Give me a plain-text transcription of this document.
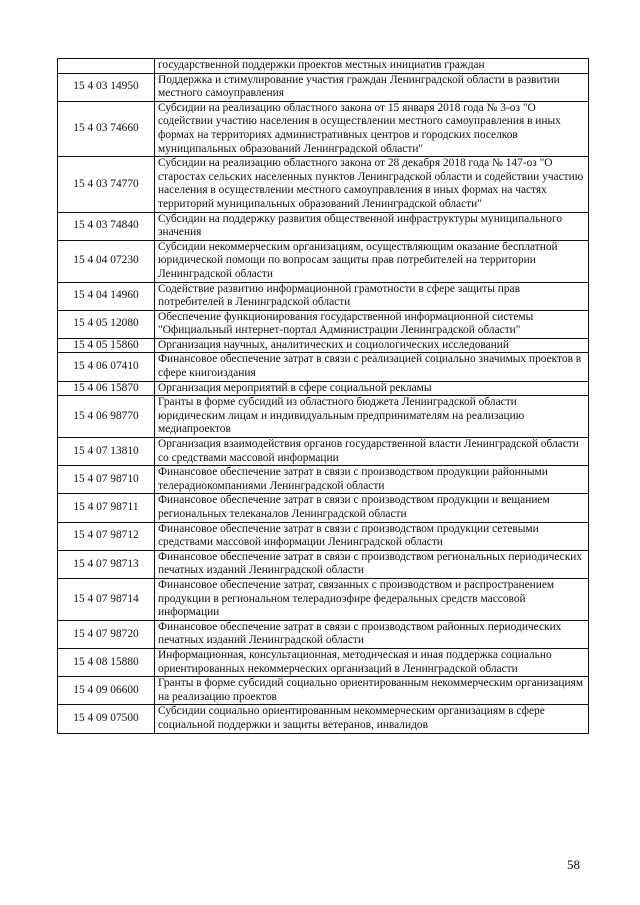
	государственной поддержки проектов местных инициатив граждан
15 4 03 14950	Поддержка и стимулирование участия граждан Ленинградской области в развитии местного самоуправления
15 4 03 74660	Субсидии на реализацию областного закона от 15 января 2018 года № 3-оз "О содействии участию населения в осуществлении местного самоуправления в иных формах на территориях административных центров и городских поселков муниципальных образований Ленинградской области"
15 4 03 74770	Субсидии на реализацию областного закона от 28 декабря 2018 года № 147-оз "О старостах сельских населенных пунктов Ленинградской области и содействии участию населения в осуществлении местного самоуправления в иных формах на частях территорий муниципальных образований Ленинградской области"
15 4 03 74840	Субсидии на поддержку развития общественной инфраструктуры муниципального значения
15 4 04 07230	Субсидии некоммерческим организациям, осуществляющим оказание бесплатной юридической помощи по вопросам защиты прав потребителей на территории Ленинградской области
15 4 04 14960	Содействие развитию информационной грамотности в сфере защиты прав потребителей в Ленинградской области
15 4 05 12080	Обеспечение функционирования государственной информационной системы "Официальный интернет-портал Администрации Ленинградской области"
15 4 05 15860	Организация научных, аналитических и социологических исследований
15 4 06 07410	Финансовое обеспечение затрат в связи с реализацией социально значимых проектов в сфере книгоиздания
15 4 06 15870	Организация мероприятий в сфере социальной рекламы
15 4 06 98770	Гранты в форме субсидий из областного бюджета Ленинградской области юридическим лицам и индивидуальным предпринимателям на реализацию медиапроектов
15 4 07 13810	Организация взаимодействия органов государственной власти Ленинградской области со средствами массовой информации
15 4 07 98710	Финансовое обеспечение затрат в связи с производством продукции районными телерадиокомпаниями Ленинградской области
15 4 07 98711	Финансовое обеспечение затрат в связи с производством продукции и вещанием региональных телеканалов Ленинградской области
15 4 07 98712	Финансовое обеспечение затрат в связи с производством продукции сетевыми средствами массовой информации Ленинградской области
15 4 07 98713	Финансовое обеспечение затрат в связи с производством региональных периодических печатных изданий Ленинградской области
15 4 07 98714	Финансовое обеспечение затрат, связанных с производством и распространением продукции в региональном телерадиоэфире федеральных средств массовой информации
15 4 07 98720	Финансовое обеспечение затрат в связи с производством районных периодических печатных изданий Ленинградской области
15 4 08 15880	Информационная, консультационная, методическая и иная поддержка социально ориентированных некоммерческих организаций в Ленинградской области
15 4 09 06600	Гранты в форме субсидий социально ориентированным некоммерческим организациям на реализацию проектов
15 4 09 07500	Субсидии социально ориентированным некоммерческим организациям в сфере социальной поддержки и защиты ветеранов, инвалидов
58
